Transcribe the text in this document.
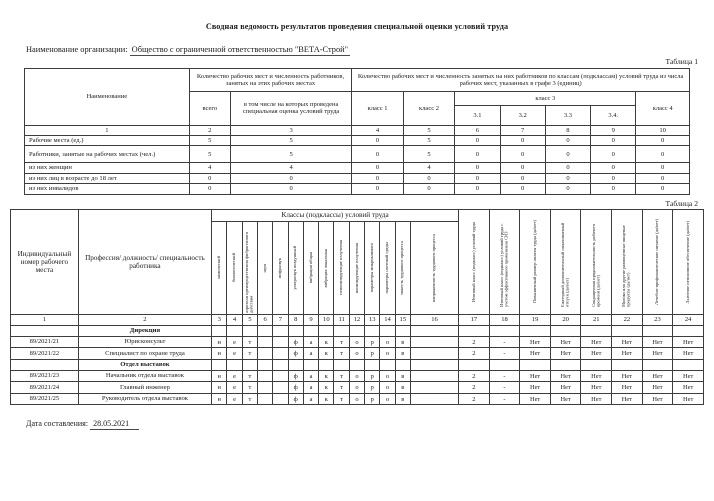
Сводная ведомость результатов проведения специальной оценки условий труда
Наименование организации: Общество с ограниченной ответственностью "ВЕТА-Строй"
Таблица 1
Наименование	Количество рабочих мест и численность работников, занятых на этих рабочих местах		Количество рабочих мест и численность занятых на них работников по классам (подклассам) условий труда из числа рабочих мест, указанных в графе 3 (единиц)						
	всего	в том числе на которых проведена специальная оценка условий труда	класс 1	класс 2	класс 3				класс 4
					3.1	3.2	3.3	3.4.	
1	2	3	4	5	6	7	8	9	10
Рабочие места (ед.)	5	5	0	5	0	0	0	0	0
Работники, занятые на рабочих местах (чел.)	5	5	0	5	0	0	0	0	0
из них женщин	4	4	0	4	0	0	0	0	0
из них лиц в возрасте до 18 лет	0	0	0	0	0	0	0	0	0
из них инвалидов	0	0	0	0	0	0	0	0	0
Таблица 2
Индивидуальный номер рабочего места	Профессия/ должность/ специальность работника	Классы (подклассы) условий труда														Итоговый класс (подкласс) условий труда	Итоговый класс (подкласс) условий труда с учетом эффективного применения СИЗ	Повышенный размер оплаты труда (да/нет)	Ежегодный дополнительный оплачиваемый отпуск (да/нет)	Сокращенная продолжительность рабочего времени (да/нет)	Молоко или другие равноценные пищевые продукты (да/нет)	Лечебно-профилактическое питание (да/нет)	Льготное пенсионное обеспечение (да/нет)

		химический	биологический	аэрозоли преимущественно фиброгенного действия	шум	инфразвук	ультразвук воздушный	вибрация общая	вибрация локальная	неионизирующие излучения	ионизирующие излучения	параметры микроклимата	параметры световой среды	тяжесть трудового процесса	напряженность трудового процесса								

1	2	3	4	5	6	7	8	9	10	11	12	13	14	15	16	17	18	19	20	21	22	23	24
	Дирекция																						
89/2021/21	Юрисконсульт	н	е	т			ф	а	к	т	о	р	о	в		2	-	Нет	Нет	Нет	Нет	Нет	Нет
89/2021/22	Специалист по охране труда	н	е	т			ф	а	к	т	о	р	о	в		2	-	Нет	Нет	Нет	Нет	Нет	Нет
	Отдел выставок																						
89/2021/23	Начальник отдела выставок	н	е	т			ф	а	к	т	о	р	о	в		2	-	Нет	Нет	Нет	Нет	Нет	Нет
89/2021/24	Главный инженер	н	е	т			ф	а	к	т	о	р	о	в		2	-	Нет	Нет	Нет	Нет	Нет	Нет
89/2021/25	Руководитель отдела выставок	н	е	т			ф	а	к	т	о	р	о	в		2	-	Нет	Нет	Нет	Нет	Нет	Нет
Дата составления: 28.05.2021
